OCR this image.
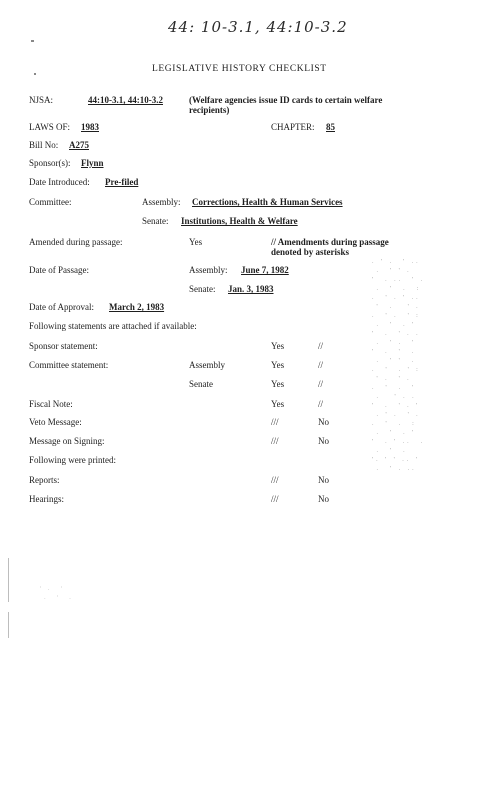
44: 10-3.1, 44:10-3.2
LEGISLATIVE HISTORY CHECKLIST
NJSA:	44:10-3.1, 44:10-3.2	(Welfare agencies issue ID cards to certain welfare recipients)
LAWS OF: 1983	CHAPTER: 85
Bill No: A275
Sponsor(s): Flynn
Date Introduced: Pre-filed
Committee:	Assembly: Corrections, Health & Human Services
Senate: Institutions, Health & Welfare
Amended during passage:	Yes	// Amendments during passage denoted by asterisks
Date of Passage:	Assembly: June 7, 1982
Senate: Jan. 3, 1983
Date of Approval: March 2, 1983
Following statements are attached if available:
Sponsor statement:	Yes	//
Committee statement:	Assembly	Yes	//
Senate	Yes	//
Fiscal Note:	Yes	//
Veto Message:	///	No
Message on Signing:	///	No
Following were printed:
Reports:	///	No
Hearings:	///	No
. ' .  ' ..
.  ' ' .
'  . ..  ' .
.  '  .  :
.  ' . ' ..
'  .   ' .
.  ' .  ' :
.  '  . '
'  .  ' . .
.  ' .  '
'  .  '  .
.  ' '  .
.  '  . ' :
' .  ' .
.  '  .  '
.   ' . .
'  .  ' . '
. ' .  ' .
.  '  .  :
.  '  . '
'  . ' ..  .
.  '  .
'. ' ' .. '
.  ' . ..
' .  '
.  '  .
